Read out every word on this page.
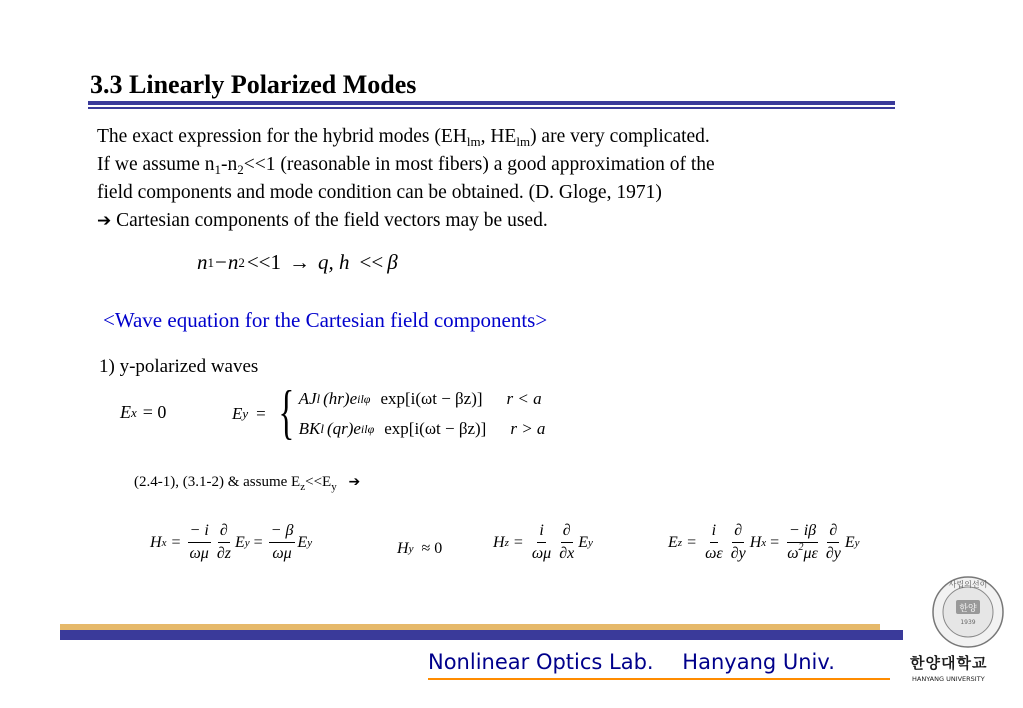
3.3 Linearly Polarized Modes
The exact expression for the hybrid modes ($EH_{lm}$, $HE_{lm}$) are very complicated.
If we assume $n_1-n_2<<1$ (reasonable in most fibers) a good approximation of the
field components and mode condition can be obtained. (D. Gloge, 1971)
➔ Cartesian components of the field vectors may be used.
n 1 − n 2 <<1 → q, h << β
<Wave equation for the Cartesian field components>
1) y-polarized waves
E x = 0	E y = { AJ l (hr)e ilφ exp[i(ωt − βz)] r < a
BK l (qr)e ilφ exp[i(ωt − βz)] r > a
(2.4-1), (3.1-2) & assume $E_z<<E_y$ ➔
H $x = \frac{- i}{\omega\mu} \frac{\partial}{\partial z}$ E $y = \frac{- \beta}{\omega\mu}$ E y	H y ≈ 0	H $z = \frac{i}{\omega\mu} \frac{\partial}{\partial x}$ E y	E $z = \frac{i}{\omega\varepsilon} \frac{\partial}{\partial y}$ H $x = \frac{- i\beta}{\omega^2\mu\varepsilon} \frac{\partial}{\partial y}$ E y
Nonlinear Optics Lab. Hanyang Univ.
사립의선이
한양
1939
한양대학교
HANYANG UNIVERSITY
